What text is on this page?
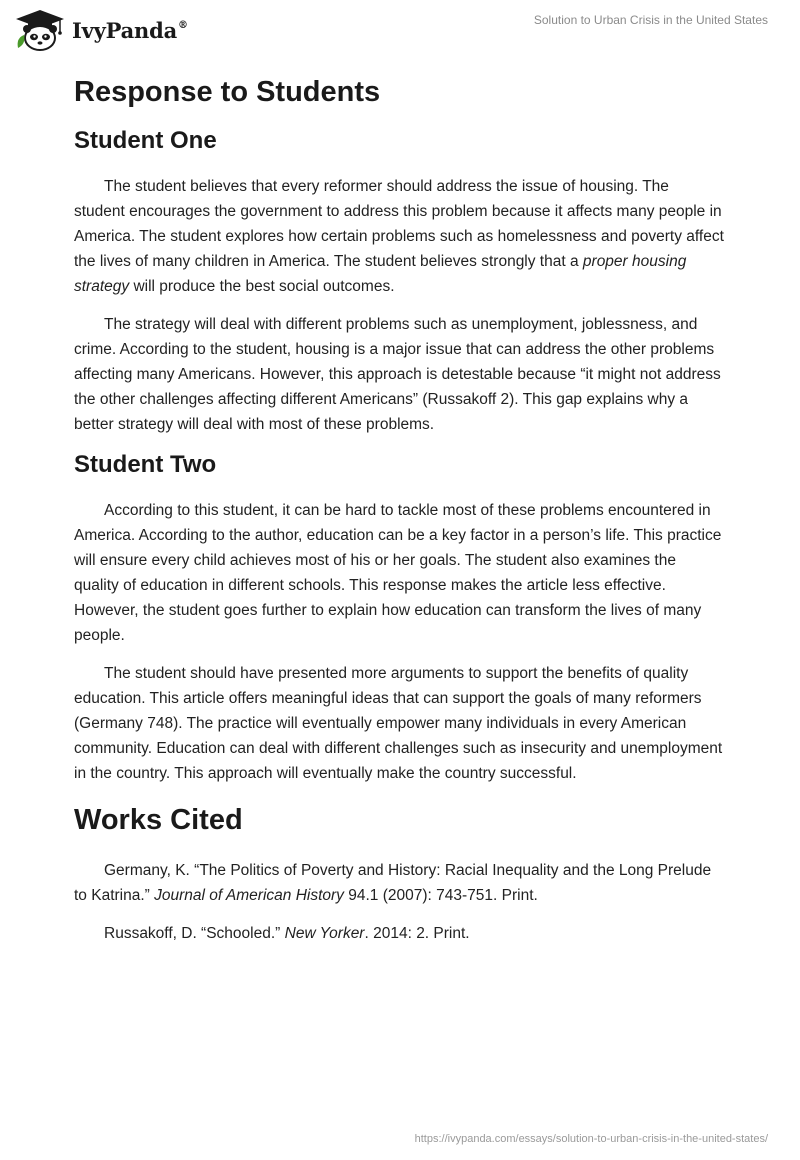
IvyPanda®	Solution to Urban Crisis in the United States
Response to Students
Student One

The student believes that every reformer should address the issue of housing. The student encourages the government to address this problem because it affects many people in America. The student explores how certain problems such as homelessness and poverty affect the lives of many children in America. The student believes strongly that a proper housing strategy will produce the best social outcomes.

The strategy will deal with different problems such as unemployment, joblessness, and crime. According to the student, housing is a major issue that can address the other problems affecting many Americans. However, this approach is detestable because “it might not address the other challenges affecting different Americans” (Russakoff 2). This gap explains why a better strategy will deal with most of these problems.

Student Two

According to this student, it can be hard to tackle most of these problems encountered in America. According to the author, education can be a key factor in a person’s life. This practice will ensure every child achieves most of his or her goals. The student also examines the quality of education in different schools. This response makes the article less effective. However, the student goes further to explain how education can transform the lives of many people.

The student should have presented more arguments to support the benefits of quality education. This article offers meaningful ideas that can support the goals of many reformers (Germany 748). The practice will eventually empower many individuals in every American community. Education can deal with different challenges such as insecurity and unemployment in the country. This approach will eventually make the country successful.

Works Cited

Germany, K. “The Politics of Poverty and History: Racial Inequality and the Long Prelude to Katrina.” Journal of American History 94.1 (2007): 743-751. Print.

Russakoff, D. “Schooled.” New Yorker. 2014: 2. Print.

https://ivypanda.com/essays/solution-to-urban-crisis-in-the-united-states/
